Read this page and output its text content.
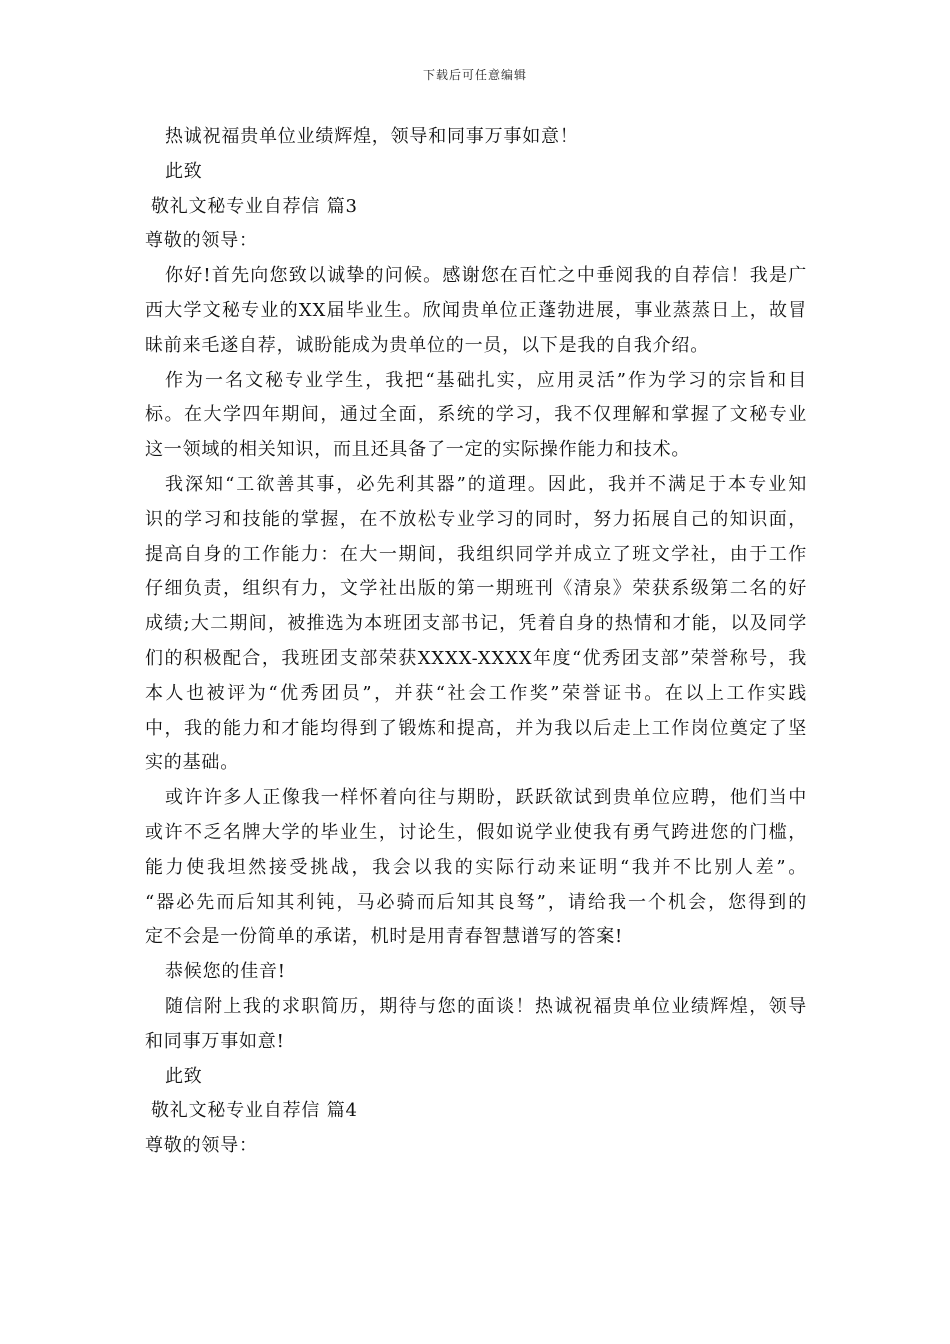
下载后可任意编辑
热诚祝福贵单位业绩辉煌，领导和同事万事如意！
此致
敬礼文秘专业自荐信 篇3
尊敬的领导：
你好!首先向您致以诚挚的问候。感谢您在百忙之中垂阅我的自荐信！我是广
西大学文秘专业的XX届毕业生。欣闻贵单位正蓬勃进展，事业蒸蒸日上，故冒
昧前来毛遂自荐，诚盼能成为贵单位的一员，以下是我的自我介绍。
作为一名文秘专业学生，我把“基础扎实，应用灵活”作为学习的宗旨和目
标。在大学四年期间，通过全面，系统的学习，我不仅理解和掌握了文秘专业
这一领域的相关知识，而且还具备了一定的实际操作能力和技术。
我深知“工欲善其事，必先利其器”的道理。因此，我并不满足于本专业知
识的学习和技能的掌握，在不放松专业学习的同时，努力拓展自己的知识面，
提高自身的工作能力：在大一期间，我组织同学并成立了班文学社，由于工作
仔细负责，组织有力，文学社出版的第一期班刊《清泉》荣获系级第二名的好
成绩;大二期间，被推选为本班团支部书记，凭着自身的热情和才能，以及同学
们的积极配合，我班团支部荣获XXXX-XXXX年度“优秀团支部”荣誉称号，我
本人也被评为“优秀团员”，并获“社会工作奖”荣誉证书。在以上工作实践
中，我的能力和才能均得到了锻炼和提高，并为我以后走上工作岗位奠定了坚
实的基础。
或许许多人正像我一样怀着向往与期盼，跃跃欲试到贵单位应聘，他们当中
或许不乏名牌大学的毕业生，讨论生，假如说学业使我有勇气跨进您的门槛，
能力使我坦然接受挑战，我会以我的实际行动来证明“我并不比别人差”。
“器必先而后知其利钝，马必骑而后知其良驽”，请给我一个机会，您得到的
定不会是一份简单的承诺，机时是用青春智慧谱写的答案!
恭候您的佳音!
随信附上我的求职简历，期待与您的面谈！热诚祝福贵单位业绩辉煌，领导
和同事万事如意!
此致
敬礼文秘专业自荐信 篇4
尊敬的领导：
